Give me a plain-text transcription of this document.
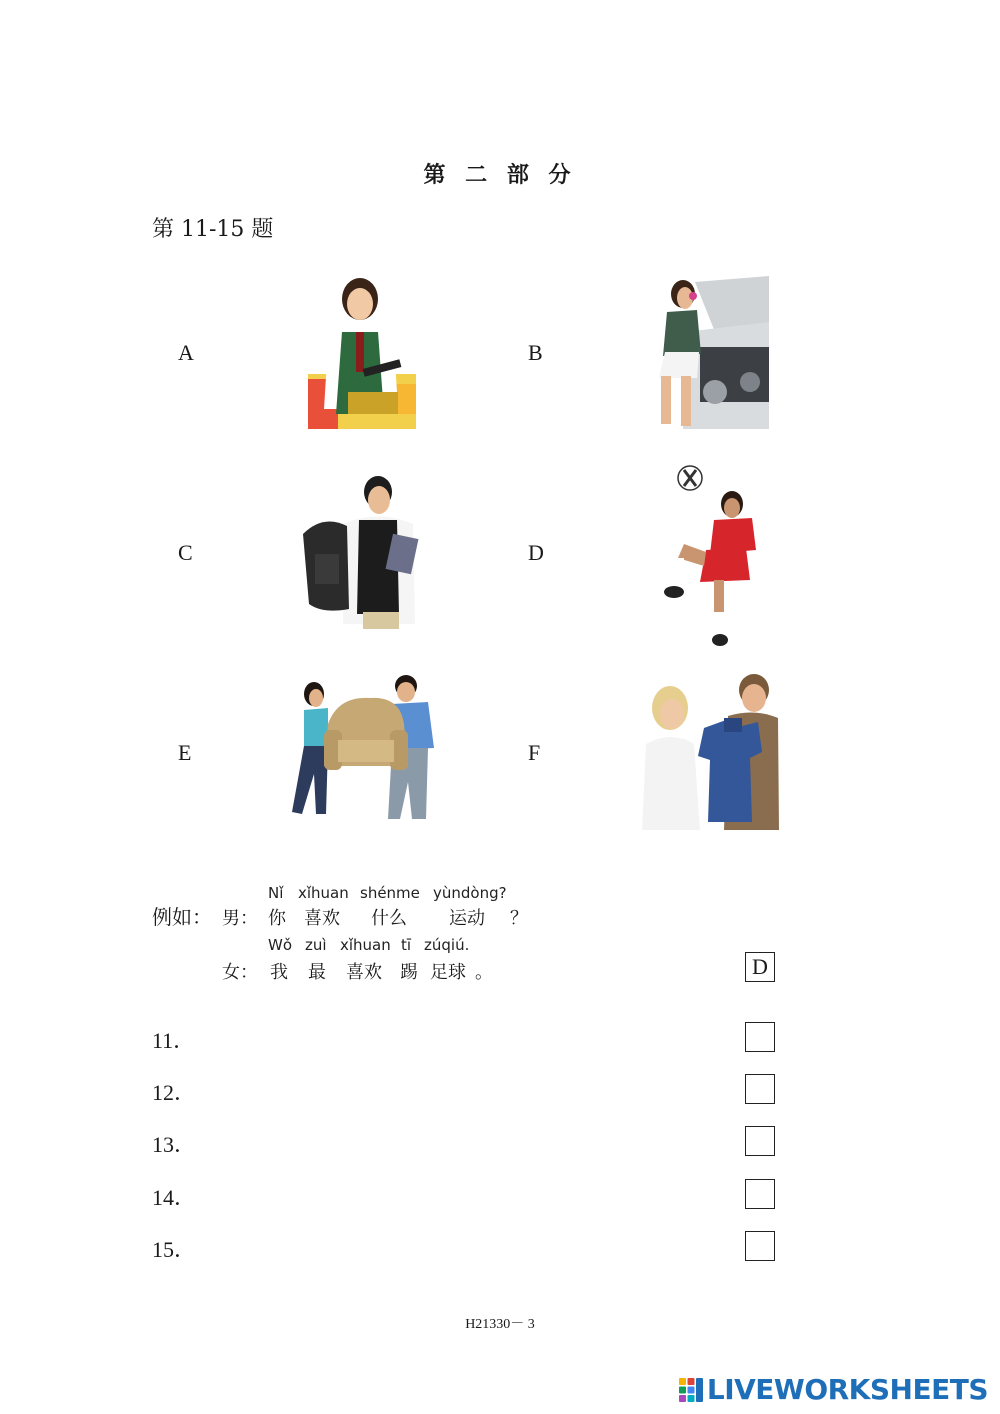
第 二 部 分
第 11-15 题
A	B
C	D
E	F
例如： 男：
Nǐ xǐhuan shénme yùndòng?
你 喜欢 什么 运动 ？
女：
Wǒ zuì xǐhuan tī zúqiú.
我 最 喜欢 踢 足球 。	D
11．
12．
13．
14．
15．
H21330－ 3
LIVEWORKSHEETS
